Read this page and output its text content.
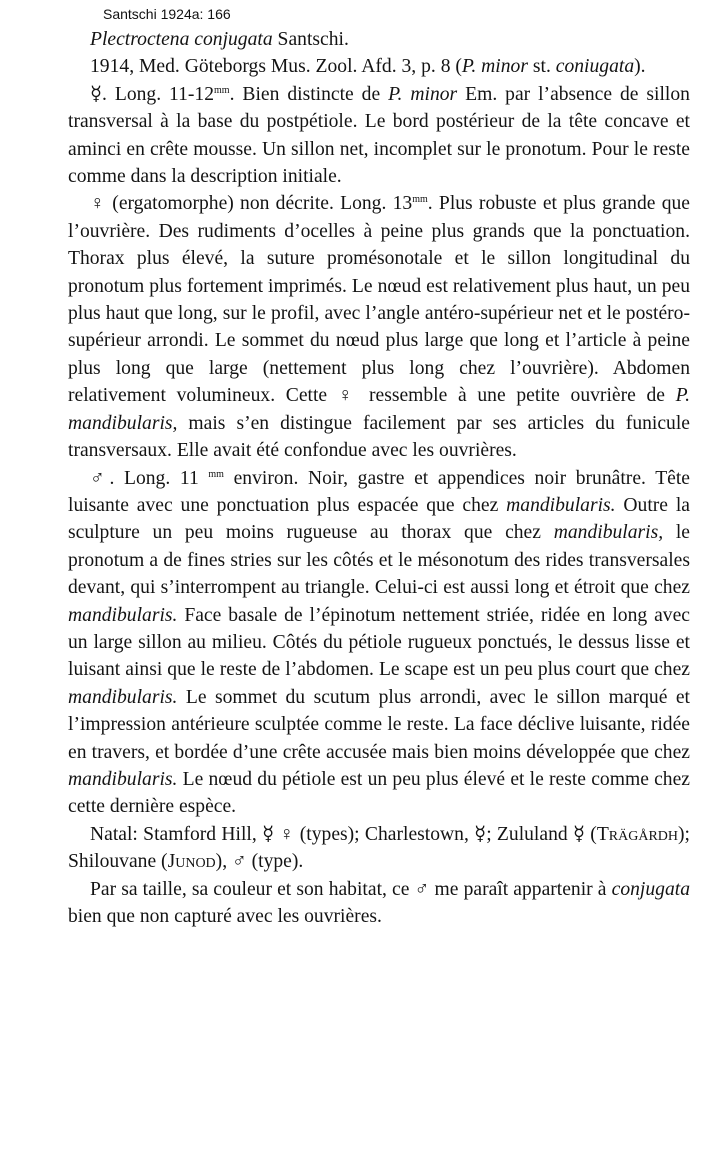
Santschi 1924a: 166

Plectroctena conjugata Santschi.

1914, Med. Göteborgs Mus. Zool. Afd. 3, p. 8 (P. minor st. coniugata).

☿. Long. $11-12^{mm}$. Bien distincte de P. minor Em. par l’absence de sillon transversal à la base du postpétiole. Le bord postérieur de la tête concave et aminci en crête mousse. Un sillon net, incomplet sur le pronotum. Pour le reste comme dans la description initiale.

♀ (ergatomorphe) non décrite. Long. $13^{mm}$. Plus robuste et plus grande que l’ouvrière. Des rudiments d’ocelles à peine plus grands que la ponctuation. Thorax plus élevé, la suture promésonotale et le sillon longitudinal du pronotum plus fortement imprimés. Le nœud est relativement plus haut, un peu plus haut que long, sur le profil, avec l’angle antéro-supérieur net et le postéro-supérieur arrondi. Le sommet du nœud plus large que long et l’article à peine plus long que large (nettement plus long chez l’ouvrière). Abdomen relativement volumineux. Cette ♀ ressemble à une petite ouvrière de P. mandibularis, mais s’en distingue facilement par ses articles du funicule transversaux. Elle avait été confondue avec les ouvrières.

♂. Long. 11 $^{mm}$ environ. Noir, gastre et appendices noir brunâtre. Tête luisante avec une ponctuation plus espacée que chez mandibularis. Outre la sculpture un peu moins rugueuse au thorax que chez mandibularis, le pronotum a de fines stries sur les côtés et le mésonotum des rides transversales devant, qui s’interrompent au triangle. Celui-ci est aussi long et étroit que chez mandibularis. Face basale de l’épinotum nettement striée, ridée en long avec un large sillon au milieu. Côtés du pétiole rugueux ponctués, le dessus lisse et luisant ainsi que le reste de l’abdomen. Le scape est un peu plus court que chez mandibularis. Le sommet du scutum plus arrondi, avec le sillon marqué et l’impression antérieure sculptée comme le reste. La face déclive luisante, ridée en travers, et bordée d’une crête accusée mais bien moins développée que chez mandibularis. Le nœud du pétiole est un peu plus élevé et le reste comme chez cette dernière espèce.

Natal: Stamford Hill, ☿ ♀ (types); Charlestown, ☿; Zululand ☿ (Trägårdh); Shilouvane (Junod), ♂ (type).

Par sa taille, sa couleur et son habitat, ce ♂ me paraît appartenir à conjugata bien que non capturé avec les ouvrières.
